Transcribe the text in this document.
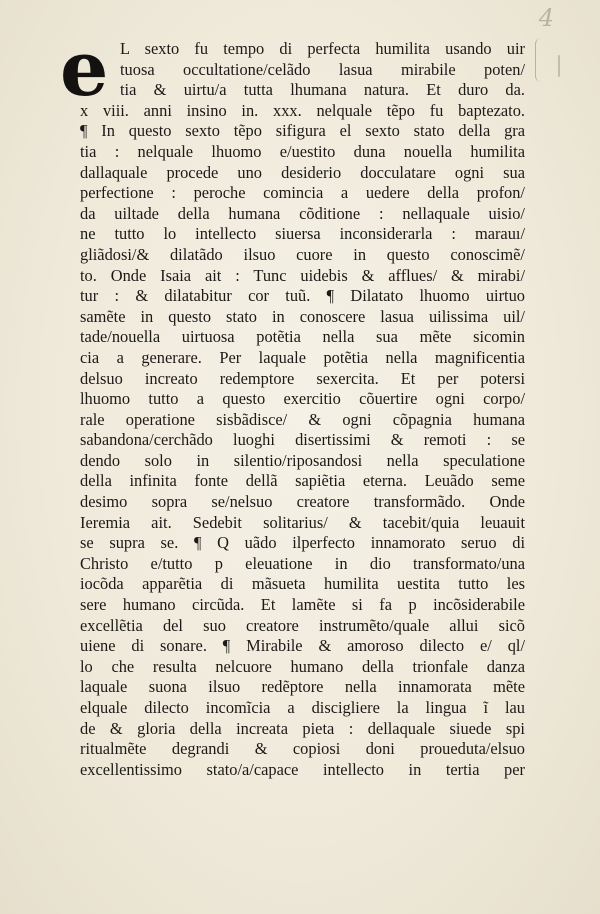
4
e L sexto fu tempo di perfecta humilita usando uir
tuosa occultatione/celãdo lasua mirabile poten/
tia & uirtu/a tutta lhumana natura. Et duro da.
x viii. anni insino in. xxx. nelquale tẽpo fu baptezato.
¶ In questo sexto tẽpo sifigura el sexto stato della gra
tia : nelquale lhuomo e/uestito duna nouella humilita
dallaquale procede uno desiderio docculatare ogni sua
perfectione : peroche comincia a uedere della profon/
da uiltade della humana cõditione : nellaquale uisio/
ne tutto lo intellecto siuersa inconsiderarla : marauı/
gliãdosi/& dilatãdo ilsuo cuore in questo conoscimẽ/
to. Onde Isaia ait : Tunc uidebis & afflues/ & mirabi/
tur : & dilatabitur cor tuũ. ¶ Dilatato lhuomo uirtuo
samẽte in questo stato in conoscere lasua uilissima uil/
tade/nouella uirtuosa potẽtia nella sua mẽte sicomin
cia a generare. Per laquale potẽtia nella magnificentia
delsuo increato redemptore sexercita. Et per potersi
lhuomo tutto a questo exercitio cõuertire ogni corpo/
rale operatione sisbãdisce/ & ogni cõpagnia humana
sabandona/cerchãdo luoghi disertissimi & remoti : se
dendo solo in silentio/riposandosi nella speculatione
della infinita fonte dellã sapiẽtia eterna. Leuãdo seme
desimo sopra se/nelsuo creatore transformãdo. Onde
Ieremia ait. Sedebit solitarius/ & tacebit/quia leuauit
se supra se. ¶ Q uãdo ilperfecto innamorato seruo di
Christo e/tutto p eleuatione in dio transformato/una
iocõda apparẽtia di mãsueta humilita uestita tutto les
sere humano circũda. Et lamẽte si fa p incõsiderabile
excellẽtia del suo creatore instrumẽto/quale allui sicõ
uiene di sonare. ¶ Mirabile & amoroso dilecto e/ ql/
lo che resulta nelcuore humano della trionfale danza
laquale suona ilsuo redẽptore nella innamorata mẽte
elquale dilecto incomĩcia a discigliere la lingua ĩ lau
de & gloria della increata pieta : dellaquale siuede spi
ritualmẽte degrandi & copiosi doni proueduta/elsuo
excellentissimo stato/a/capace intellecto in tertia per
